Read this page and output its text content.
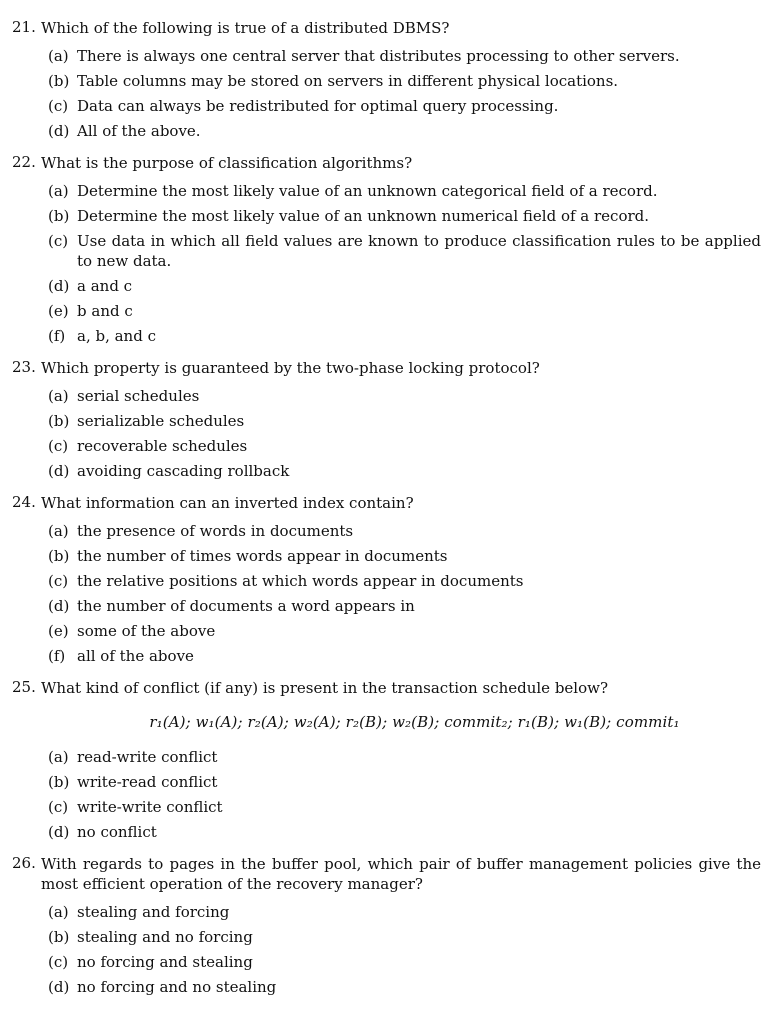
21. Which of the following is true of a distributed DBMS?
(a) There is always one central server that distributes processing to other servers.
(b) Table columns may be stored on servers in different physical locations.
(c) Data can always be redistributed for optimal query processing.
(d) All of the above.
22. What is the purpose of classification algorithms?
(a) Determine the most likely value of an unknown categorical field of a record.
(b) Determine the most likely value of an unknown numerical field of a record.
(c) Use data in which all field values are known to produce classification rules to be applied to new data.
(d) a and c
(e) b and c
(f) a, b, and c
23. Which property is guaranteed by the two-phase locking protocol?
(a) serial schedules
(b) serializable schedules
(c) recoverable schedules
(d) avoiding cascading rollback
24. What information can an inverted index contain?
(a) the presence of words in documents
(b) the number of times words appear in documents
(c) the relative positions at which words appear in documents
(d) the number of documents a word appears in
(e) some of the above
(f) all of the above
25. What kind of conflict (if any) is present in the transaction schedule below?
r₁(A); w₁(A); r₂(A); w₂(A); r₂(B); w₂(B); commit₂; r₁(B); w₁(B); commit₁
(a) read-write conflict
(b) write-read conflict
(c) write-write conflict
(d) no conflict
26. With regards to pages in the buffer pool, which pair of buffer management policies give the most efficient operation of the recovery manager?
(a) stealing and forcing
(b) stealing and no forcing
(c) no forcing and stealing
(d) no forcing and no stealing
